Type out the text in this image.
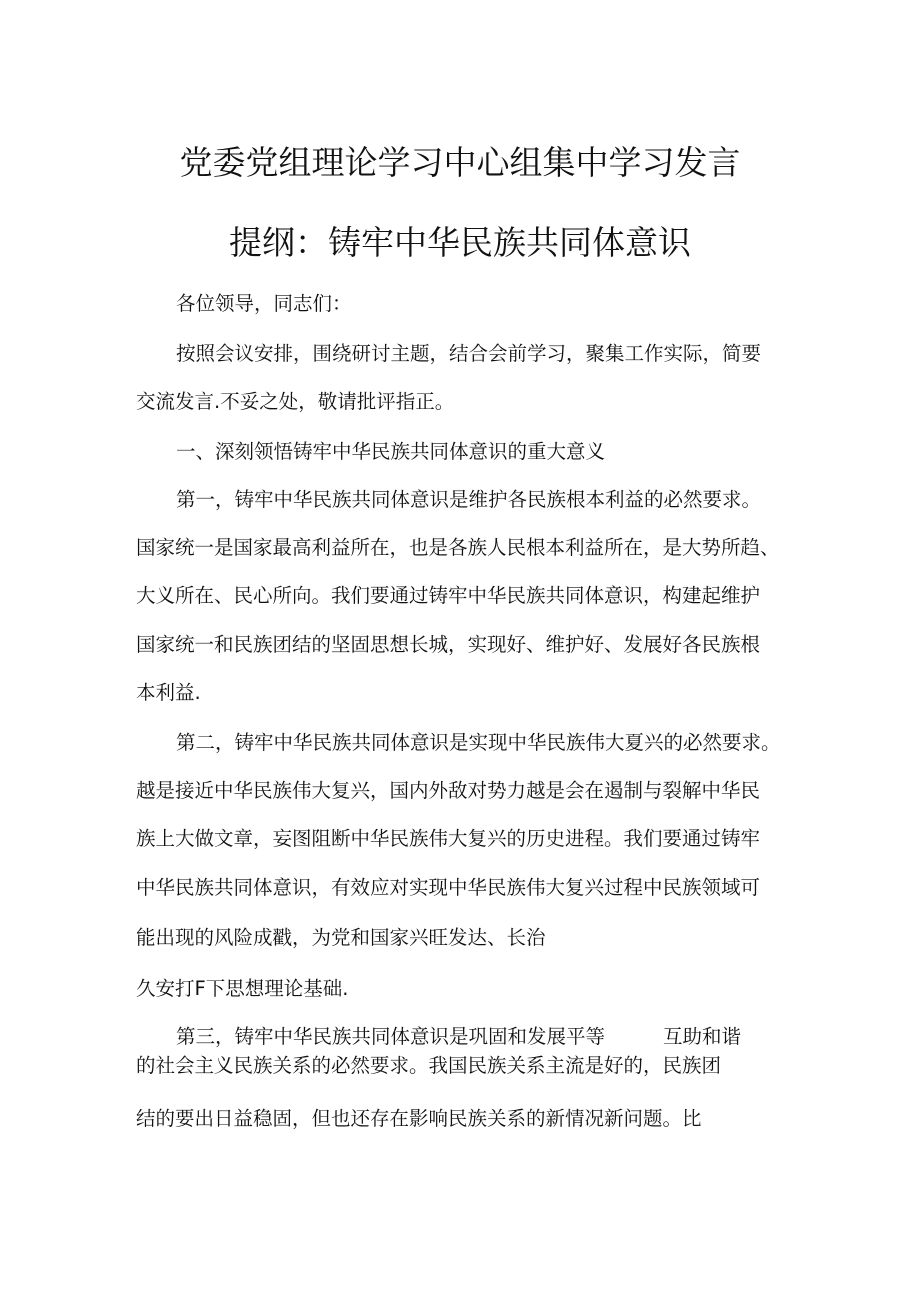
党委党组理论学习中心组集中学习发言
提纲：铸牢中华民族共同体意识
各位领导，同志们：
按照会议安排，围绕研讨主题，结合会前学习，聚集工作实际，简要
交流发言.不妥之处，敬请批评指正。
一、深刻领悟铸牢中华民族共同体意识的重大意义
第一，铸牢中华民族共同体意识是维护各民族根本利益的必然要求。
国家统一是国家最高利益所在，也是各族人民根本利益所在，是大势所趋、
大义所在、民心所向。我们要通过铸牢中华民族共同体意识，构建起维护
国家统一和民族团结的坚固思想长城，实现好、维护好、发展好各民族根
本利益.
第二，铸牢中华民族共同体意识是实现中华民族伟大夏兴的必然要求。
越是接近中华民族伟大复兴，国内外敌对势力越是会在遏制与裂解中华民
族上大做文章，妄图阻断中华民族伟大复兴的历史进程。我们要通过铸牢
中华民族共同体意识，有效应对实现中华民族伟大复兴过程中民族领域可
能出现的风险成戳，为党和国家兴旺发达、长治
久安打F下思想理论基础.
第三，铸牢中华民族共同体意识是巩固和发展平等	互助和谐
的社会主义民族关系的必然要求。我国民族关系主流是好的，民族团
结的要出日益稳固，但也还存在影响民族关系的新情况新问题。比
